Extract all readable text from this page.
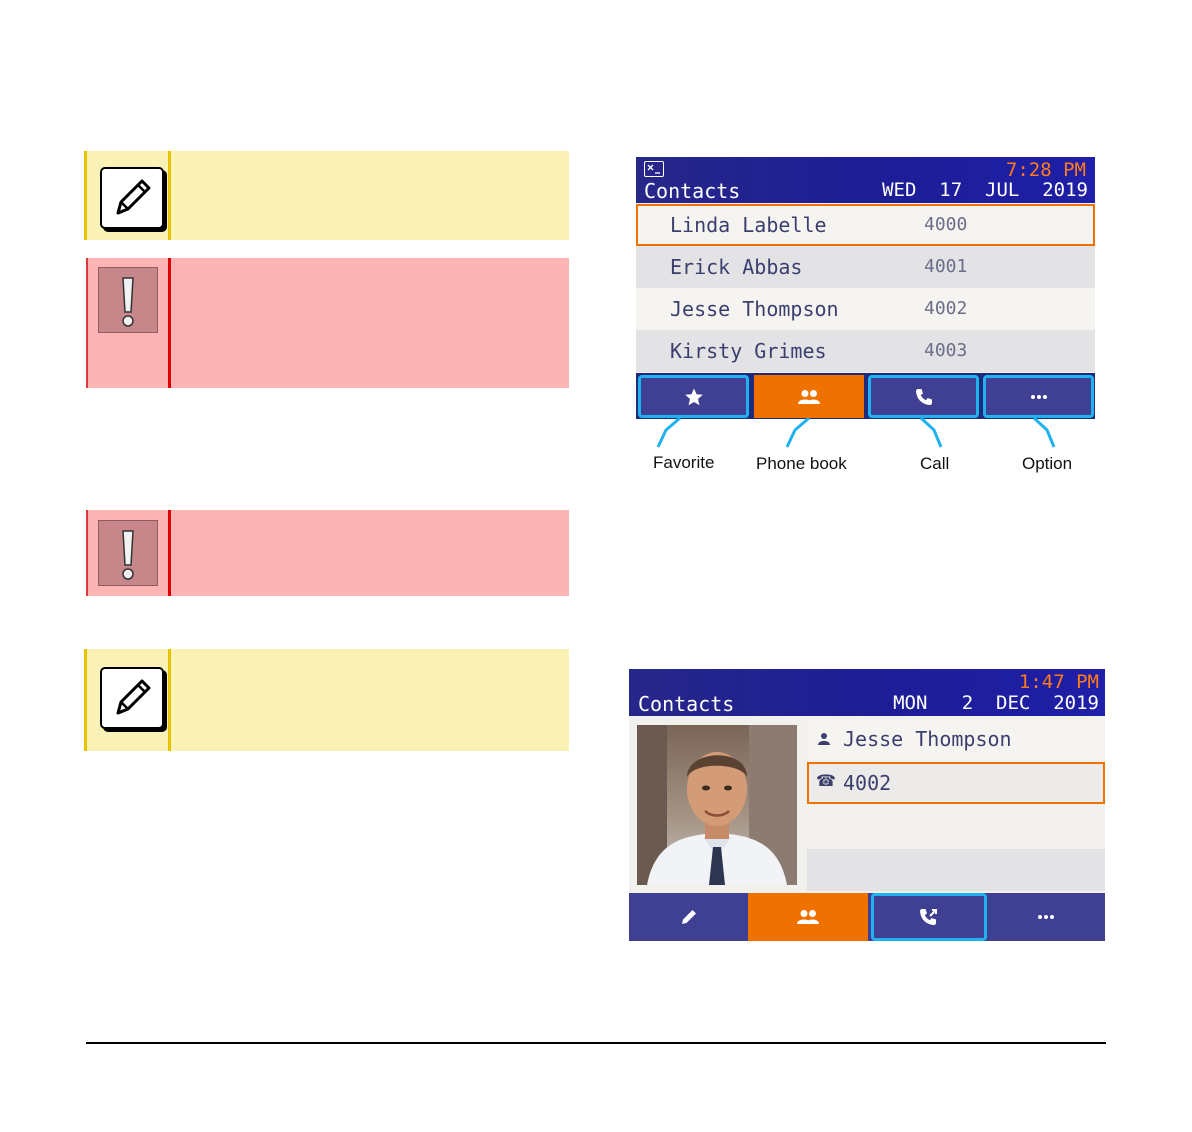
Contacts
7:28 PM
WED  17  JUL  2019
Linda Labelle	4000
Erick Abbas	4001
Jesse Thompson	4002
Kirsty Grimes	4003
Favorite Phone book	Call	Option
Contacts
1:47 PM
MON   2  DEC  2019
Jesse Thompson
☎ 4002
